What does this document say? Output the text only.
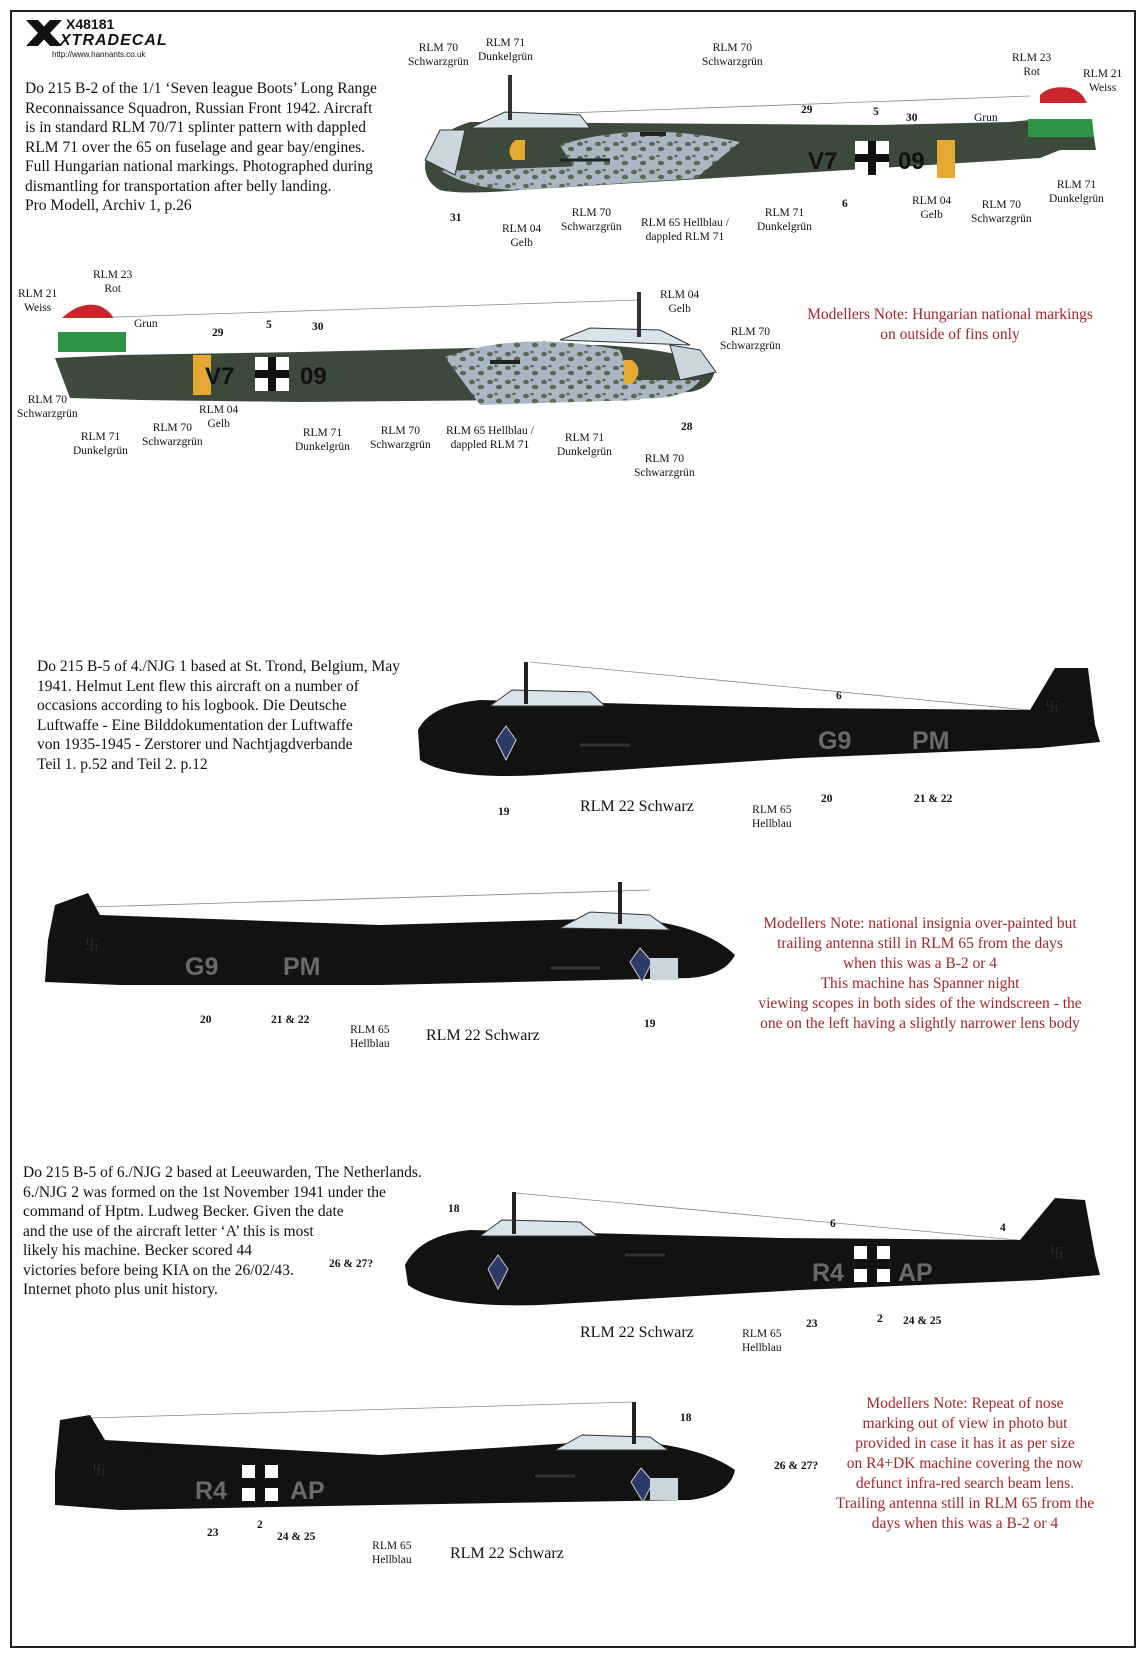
X48181
XTRADECAL
http://www.hannants.co.uk
Do 215 B-2 of the 1/1 ‘Seven league Boots’ Long Range
Reconnaissance Squadron, Russian Front 1942. Aircraft
is in standard RLM 70/71 splinter pattern with dappled
RLM 71 over the 65 on fuselage and gear bay/engines.
Full Hungarian national markings. Photographed during
dismantling for transportation after belly landing.
Pro Modell, Archiv 1, p.26
V7	09
V7	09
G9 PM
卐
G9	PM
卐
R4 AP
卐
R4	AP
卐
RLM 70
Schwarzgrün
RLM 71
Dunkelgrün
RLM 70
Schwarzgrün	RLM 23
Rot	RLM 21
Weiss
Grun
29	5 30
31
6
RLM 04
Gelb
RLM 70
Schwarzgrün RLM 65 Hellblau /
dappled RLM 71
RLM 71
Dunkelgrün
RLM 04
Gelb
RLM 70
Schwarzgrün
RLM 71
Dunkelgrün
RLM 23
Rot
RLM 21
Weiss
Grun
29
5	30
RLM 04
Gelb
RLM 70
Schwarzgrün
RLM 70
Schwarzgrün
RLM 71
Dunkelgrün
RLM 70
Schwarzgrün
RLM 04
Gelb
RLM 71
Dunkelgrün
RLM 70
Schwarzgrün
RLM 65 Hellblau /
dappled RLM 71
RLM 71
Dunkelgrün
28
RLM 70
Schwarzgrün
Modellers Note: Hungarian national markings
on outside of fins only
Do 215 B-5 of 4./NJG 1 based at St. Trond, Belgium, May
1941. Helmut Lent flew this aircraft on a number of
occasions according to his logbook. Die Deutsche
Luftwaffe - Eine Bilddokumentation der Luftwaffe
von 1935-1945 - Zerstorer und Nachtjagdverbande
Teil 1. p.52 and Teil 2. p.12
6
19	RLM 22 Schwarz	RLM 65
Hellblau
20	21 & 22
20	21 & 22
RLM 65
Hellblau RLM 22 Schwarz
19
Modellers Note: national insignia over-painted but
trailing antenna still in RLM 65 from the days
when this was a B-2 or 4
This machine has Spanner night
viewing scopes in both sides of the windscreen - the
one on the left having a slightly narrower lens body
Do 215 B-5 of 6./NJG 2 based at Leeuwarden, The Netherlands.
6./NJG 2 was formed on the 1st November 1941 under the
command of Hptm. Ludweg Becker. Given the date
and the use of the aircraft letter ‘A’ this is most
likely his machine. Becker scored 44
victories before being KIA on the 26/02/43.
Internet photo plus unit history.
18
26 & 27?
6	4
RLM 22 Schwarz	RLM 65
Hellblau
23	2 24 & 25
4
18
26 & 27?
23
2
24 & 25
RLM 65
Hellblau RLM 22 Schwarz
Modellers Note: Repeat of nose
marking out of view in photo but
provided in case it has it as per size
on R4+DK machine covering the now
defunct infra-red search beam lens.
Trailing antenna still in RLM 65 from the
days when this was a B-2 or 4
